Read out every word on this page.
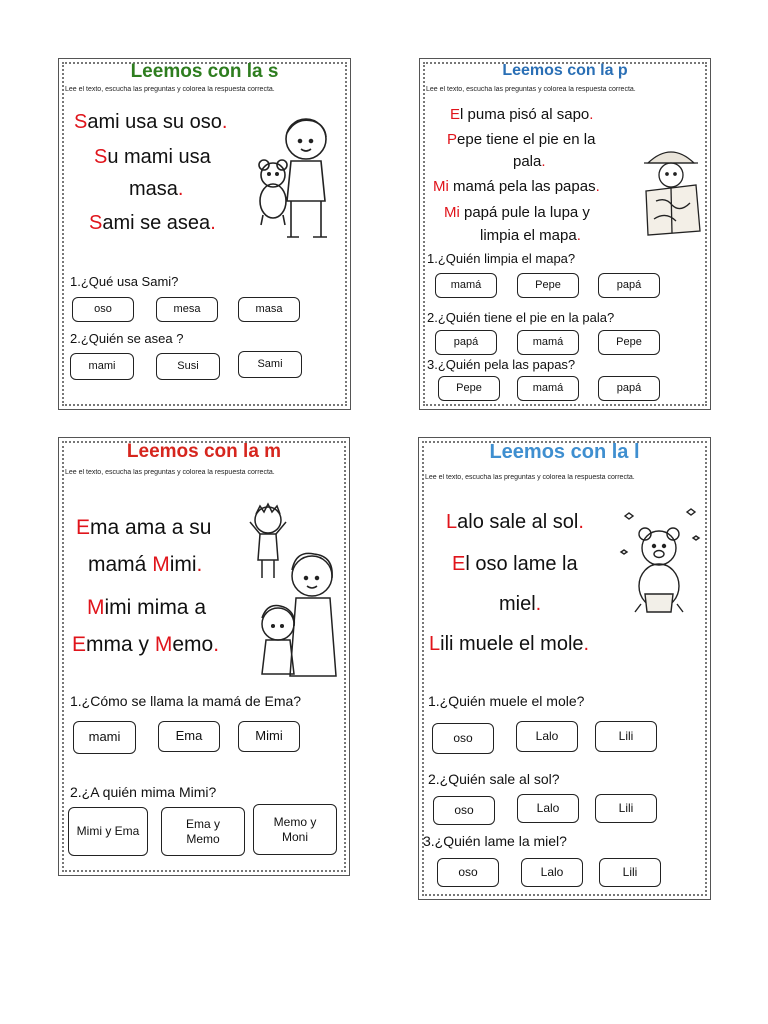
Leemos con la s
Lee el texto, escucha las preguntas y colorea la respuesta correcta.
Sami usa su oso.
Su mami usa
masa.
Sami se asea.
1.¿Qué usa Sami?
oso	mesa	masa
2.¿Quién se asea ?
mami	Susi	Sami
Leemos con la p
Lee el texto, escucha las preguntas y colorea la respuesta correcta.
El puma pisó al sapo.
Pepe tiene el pie en la
pala.
Mi mamá pela las papas.
Mi papá pule la lupa y
limpia el mapa.
1.¿Quién limpia el mapa?
mamá	Pepe	papá
2.¿Quién tiene el pie en la pala?
papá	mamá	Pepe
3.¿Quién pela las papas?
Pepe	mamá	papá
Leemos con la m
Lee el texto, escucha las preguntas y colorea la respuesta correcta.
Ema ama a su
mamá Mimi.
Mimi mima a
Emma y Memo.
1.¿Cómo se llama la mamá de Ema?
mami	Ema	Mimi
2.¿A quién mima Mimi?
Mimi y Ema
Ema y Memo
Memo y Moni
Leemos con la l
Lee el texto, escucha las preguntas y colorea la respuesta correcta.
Lalo sale al sol.
El oso lame la
miel.
Lili muele el mole.
1.¿Quién muele el mole?
oso	Lalo	Lili
2.¿Quién sale al sol?
oso	Lalo	Lili
3.¿Quién lame la miel?
oso	Lalo	Lili
